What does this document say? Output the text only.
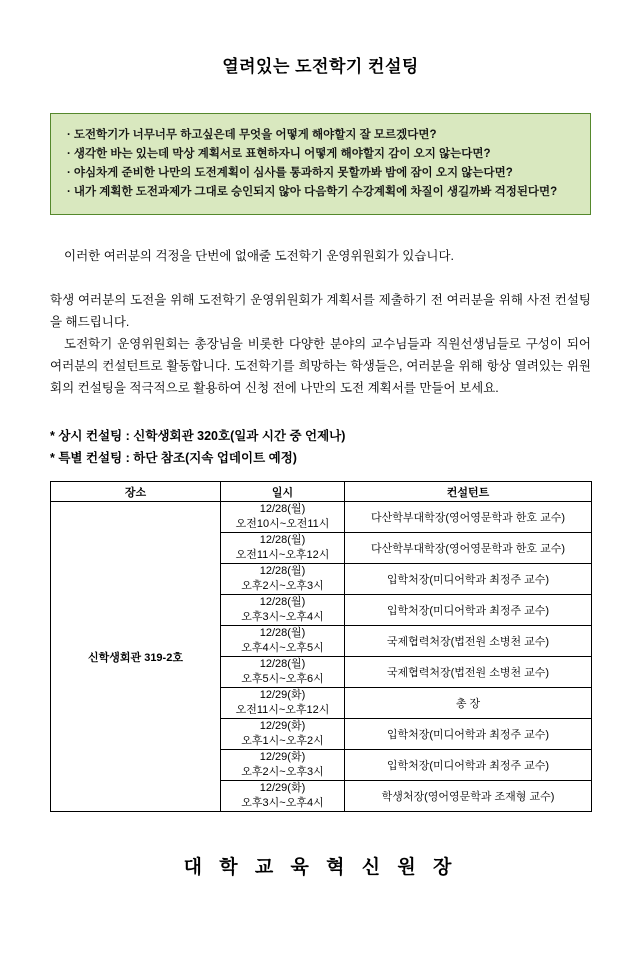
열려있는 도전학기 컨설팅
· 도전학기가 너무너무 하고싶은데 무엇을 어떻게 해야할지 잘 모르겠다면?
· 생각한 바는 있는데 막상 계획서로 표현하자니 어떻게 해야할지 감이 오지 않는다면?
· 야심차게 준비한 나만의 도전계획이 심사를 통과하지 못할까봐 밤에 잠이 오지 않는다면?
· 내가 계획한 도전과제가 그대로 승인되지 않아 다음학기 수강계획에 차질이 생길까봐 걱정된다면?

이러한 여러분의 걱정을 단번에 없애줄 도전학기 운영위원회가 있습니다.

학생 여러분의 도전을 위해 도전학기 운영위원회가 계획서를 제출하기 전 여러분을 위해 사전 컨설팅을 해드립니다.

도전학기 운영위원회는 총장님을 비롯한 다양한 분야의 교수님들과 직원선생님들로 구성이 되어 여러분의 컨설턴트로 활동합니다. 도전학기를 희망하는 학생들은, 여러분을 위해 항상 열려있는 위원회의 컨설팅을 적극적으로 활용하여 신청 전에 나만의 도전 계획서를 만들어 보세요.

* 상시 컨설팅 : 신학생회관 320호(일과 시간 중 언제나)
* 특별 컨설팅 : 하단 참조(지속 업데이트 예정)
장소	일시	컨설턴트
신학생회관 319-2호	12/28(월)
오전10시~오전11시	다산학부대학장(영어영문학과 한호 교수)

	12/28(월)
오전11시~오후12시	다산학부대학장(영어영문학과 한호 교수)

	12/28(월)
오후2시~오후3시	입학처장(미디어학과 최정주 교수)

	12/28(월)
오후3시~오후4시	입학처장(미디어학과 최정주 교수)

	12/28(월)
오후4시~오후5시	국제협력처장(법전원 소병천 교수)

	12/28(월)
오후5시~오후6시	국제협력처장(법전원 소병천 교수)

	12/29(화)
오전11시~오후12시	총 장

	12/29(화)
오후1시~오후2시	입학처장(미디어학과 최정주 교수)

	12/29(화)
오후2시~오후3시	입학처장(미디어학과 최정주 교수)

	12/29(화)
오후3시~오후4시	학생처장(영어영문학과 조재형 교수)
대 학 교 육 혁 신 원 장
